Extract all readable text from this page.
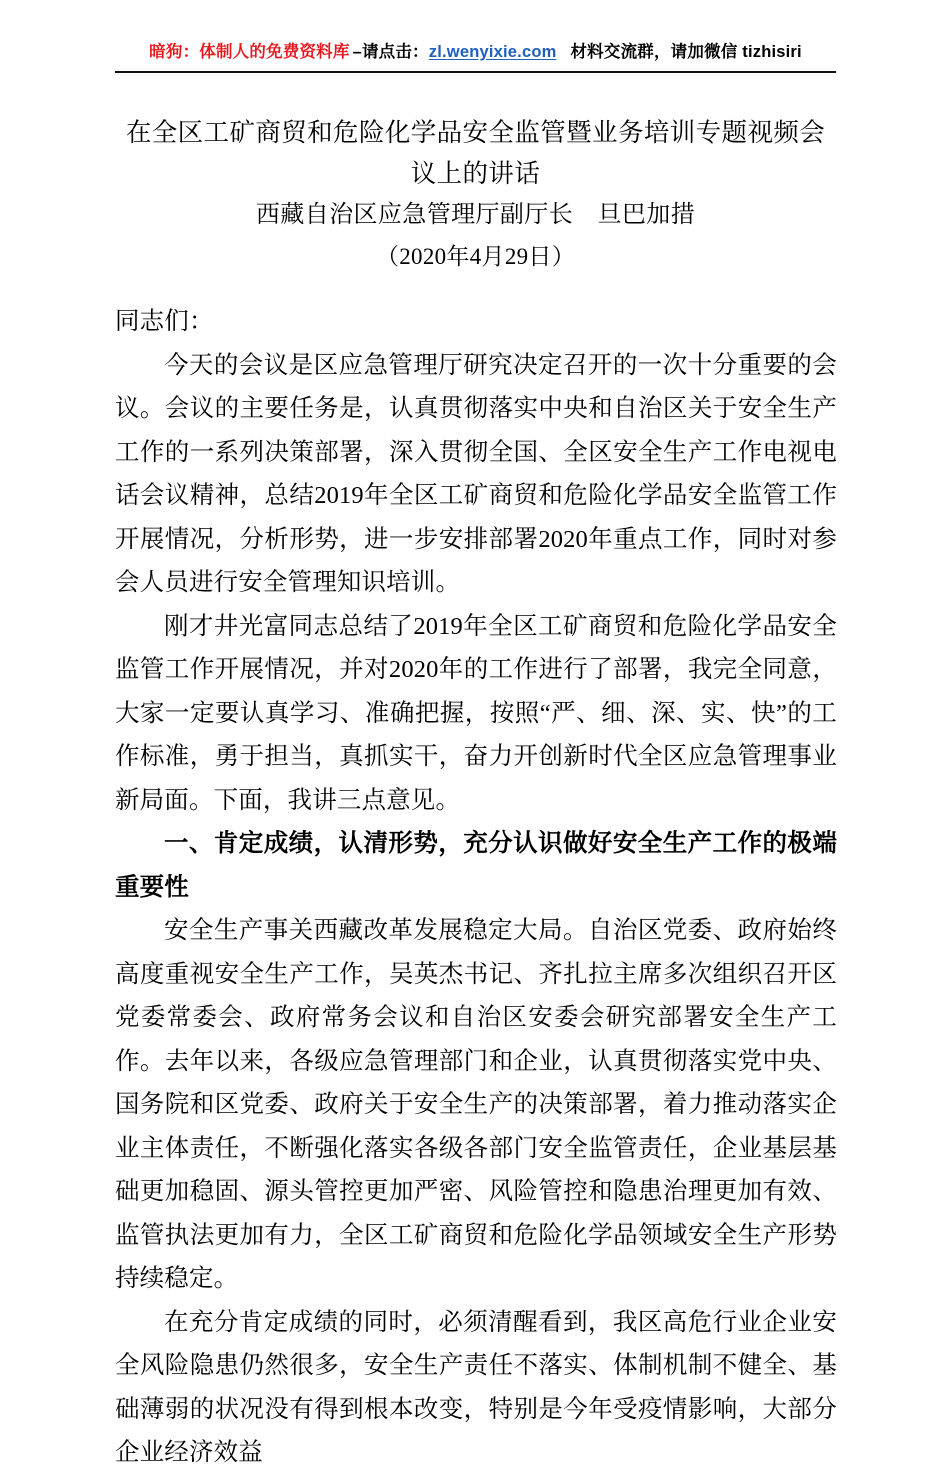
暗狗：体制人的免费资料库 –请点击： zl.wenyixie.com 材料交流群，请加微信 tizhisiri
在全区工矿商贸和危险化学品安全监管暨业务培训专题视频会议上的讲话

西藏自治区应急管理厅副厅长　旦巴加措

（2020年4月29日）

同志们：

今天的会议是区应急管理厅研究决定召开的一次十分重要的会议。会议的主要任务是，认真贯彻落实中央和自治区关于安全生产工作的一系列决策部署，深入贯彻全国、全区安全生产工作电视电话会议精神，总结2019年全区工矿商贸和危险化学品安全监管工作开展情况，分析形势，进一步安排部署2020年重点工作，同时对参会人员进行安全管理知识培训。

刚才井光富同志总结了2019年全区工矿商贸和危险化学品安全监管工作开展情况，并对2020年的工作进行了部署，我完全同意，大家一定要认真学习、准确把握，按照“严、细、深、实、快”的工作标准，勇于担当，真抓实干，奋力开创新时代全区应急管理事业新局面。下面，我讲三点意见。

一、肯定成绩，认清形势，充分认识做好安全生产工作的极端重要性

安全生产事关西藏改革发展稳定大局。自治区党委、政府始终高度重视安全生产工作，吴英杰书记、齐扎拉主席多次组织召开区党委常委会、政府常务会议和自治区安委会研究部署安全生产工作。去年以来，各级应急管理部门和企业，认真贯彻落实党中央、国务院和区党委、政府关于安全生产的决策部署，着力推动落实企业主体责任，不断强化落实各级各部门安全监管责任，企业基层基础更加稳固、源头管控更加严密、风险管控和隐患治理更加有效、监管执法更加有力，全区工矿商贸和危险化学品领域安全生产形势持续稳定。

在充分肯定成绩的同时，必须清醒看到，我区高危行业企业安全风险隐患仍然很多，安全生产责任不落实、体制机制不健全、基础薄弱的状况没有得到根本改变，特别是今年受疫情影响，大部分企业经济效益
